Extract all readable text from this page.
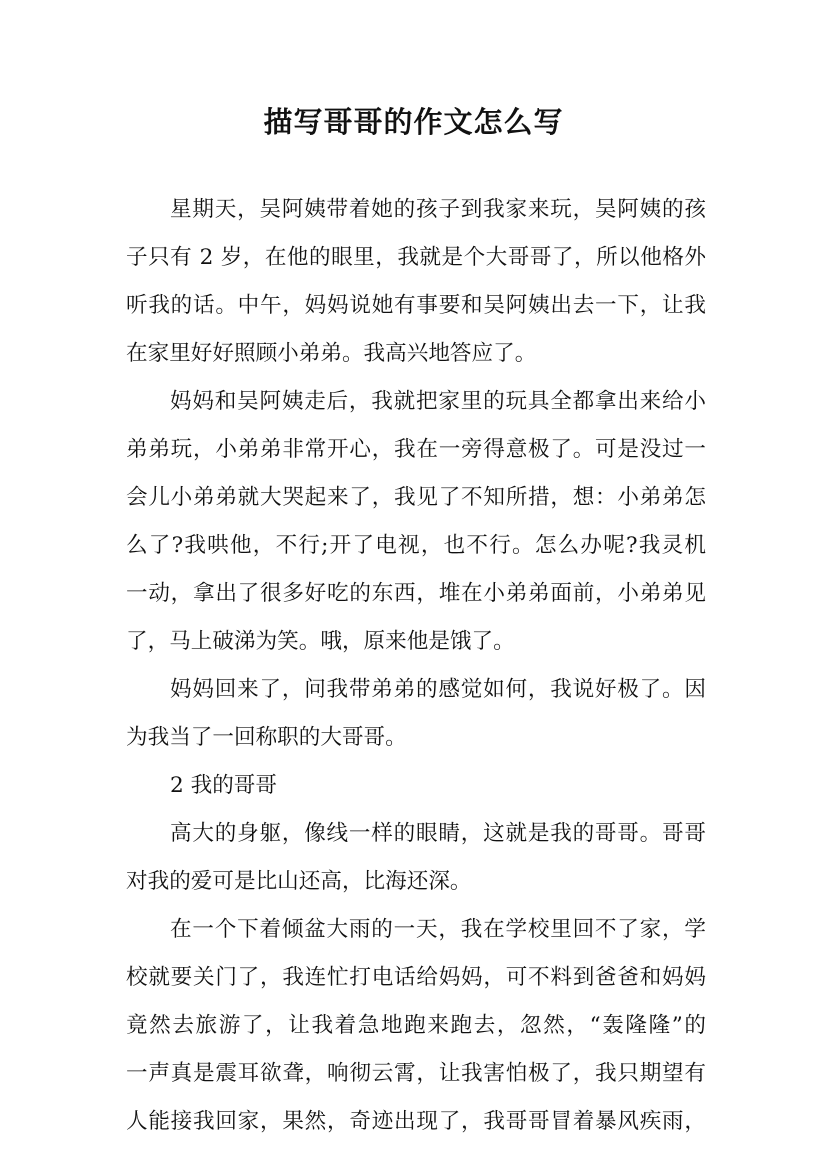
描写哥哥的作文怎么写
星期天，吴阿姨带着她的孩子到我家来玩，吴阿姨的孩
子只有 2 岁，在他的眼里，我就是个大哥哥了，所以他格外
听我的话。中午，妈妈说她有事要和吴阿姨出去一下，让我
在家里好好照顾小弟弟。我高兴地答应了。
妈妈和吴阿姨走后，我就把家里的玩具全都拿出来给小
弟弟玩，小弟弟非常开心，我在一旁得意极了。可是没过一
会儿小弟弟就大哭起来了，我见了不知所措，想：小弟弟怎
么了?我哄他，不行;开了电视，也不行。怎么办呢?我灵机
一动，拿出了很多好吃的东西，堆在小弟弟面前，小弟弟见
了，马上破涕为笑。哦，原来他是饿了。
妈妈回来了，问我带弟弟的感觉如何，我说好极了。因
为我当了一回称职的大哥哥。
2 我的哥哥
高大的身躯，像线一样的眼睛，这就是我的哥哥。哥哥
对我的爱可是比山还高，比海还深。
在一个下着倾盆大雨的一天，我在学校里回不了家，学
校就要关门了，我连忙打电话给妈妈，可不料到爸爸和妈妈
竟然去旅游了，让我着急地跑来跑去，忽然，“轰隆隆”的
一声真是震耳欲聋，响彻云霄，让我害怕极了，我只期望有
人能接我回家，果然，奇迹出现了，我哥哥冒着暴风疾雨，
